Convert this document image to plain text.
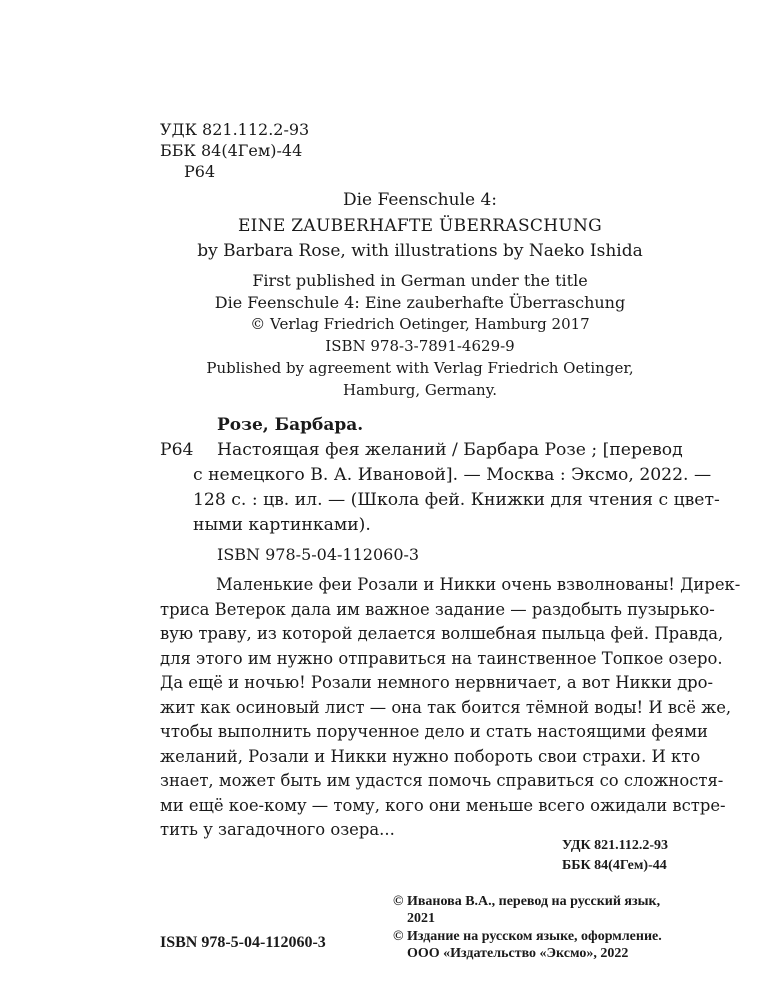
УДК 821.112.2-93
ББК 84(4Гем)-44
Р64
Die Feenschule 4:
EINE ZAUBERHAFTE ÜBERRASCHUNG
by Barbara Rose, with illustrations by Naeko Ishida
First published in German under the title
Die Feenschule 4: Eine zauberhafte Überraschung
© Verlag Friedrich Oetinger, Hamburg 2017
ISBN 978-3-7891-4629-9
Published by agreement with Verlag Friedrich Oetinger,
Hamburg, Germany.
Розе, Барбара.
Р64 Настоящая фея желаний / Барбара Розе ; [перевод
с немецкого В. А. Ивановой]. — Москва : Эксмо, 2022. —
128 с. : цв. ил. — (Школа фей. Книжки для чтения с цвет-
ными картинками).
ISBN 978-5-04-112060-3

Маленькие феи Розали и Никки очень взволнованы! Дирек-

триса Ветерок дала им важное задание — раздобыть пузырько-

вую траву, из которой делается волшебная пыльца фей. Правда,

для этого им нужно отправиться на таинственное Топкое озеро.

Да ещё и ночью! Розали немного нервничает, а вот Никки дро-

жит как осиновый лист — она так боится тёмной воды! И всё же,

чтобы выполнить порученное дело и стать настоящими феями

желаний, Розали и Никки нужно побороть свои страхи. И кто

знает, может быть им удастся помочь справиться со сложностя-

ми ещё кое-кому — тому, кого они меньше всего ожидали встре-

тить у загадочного озера...

УДК 821.112.2-93
ББК 84(4Гем)-44
© Иванова В.А., перевод на русский язык,
2021
© Издание на русском языке, оформление.
ООО «Издательство «Эксмо», 2022
ISBN 978-5-04-112060-3
